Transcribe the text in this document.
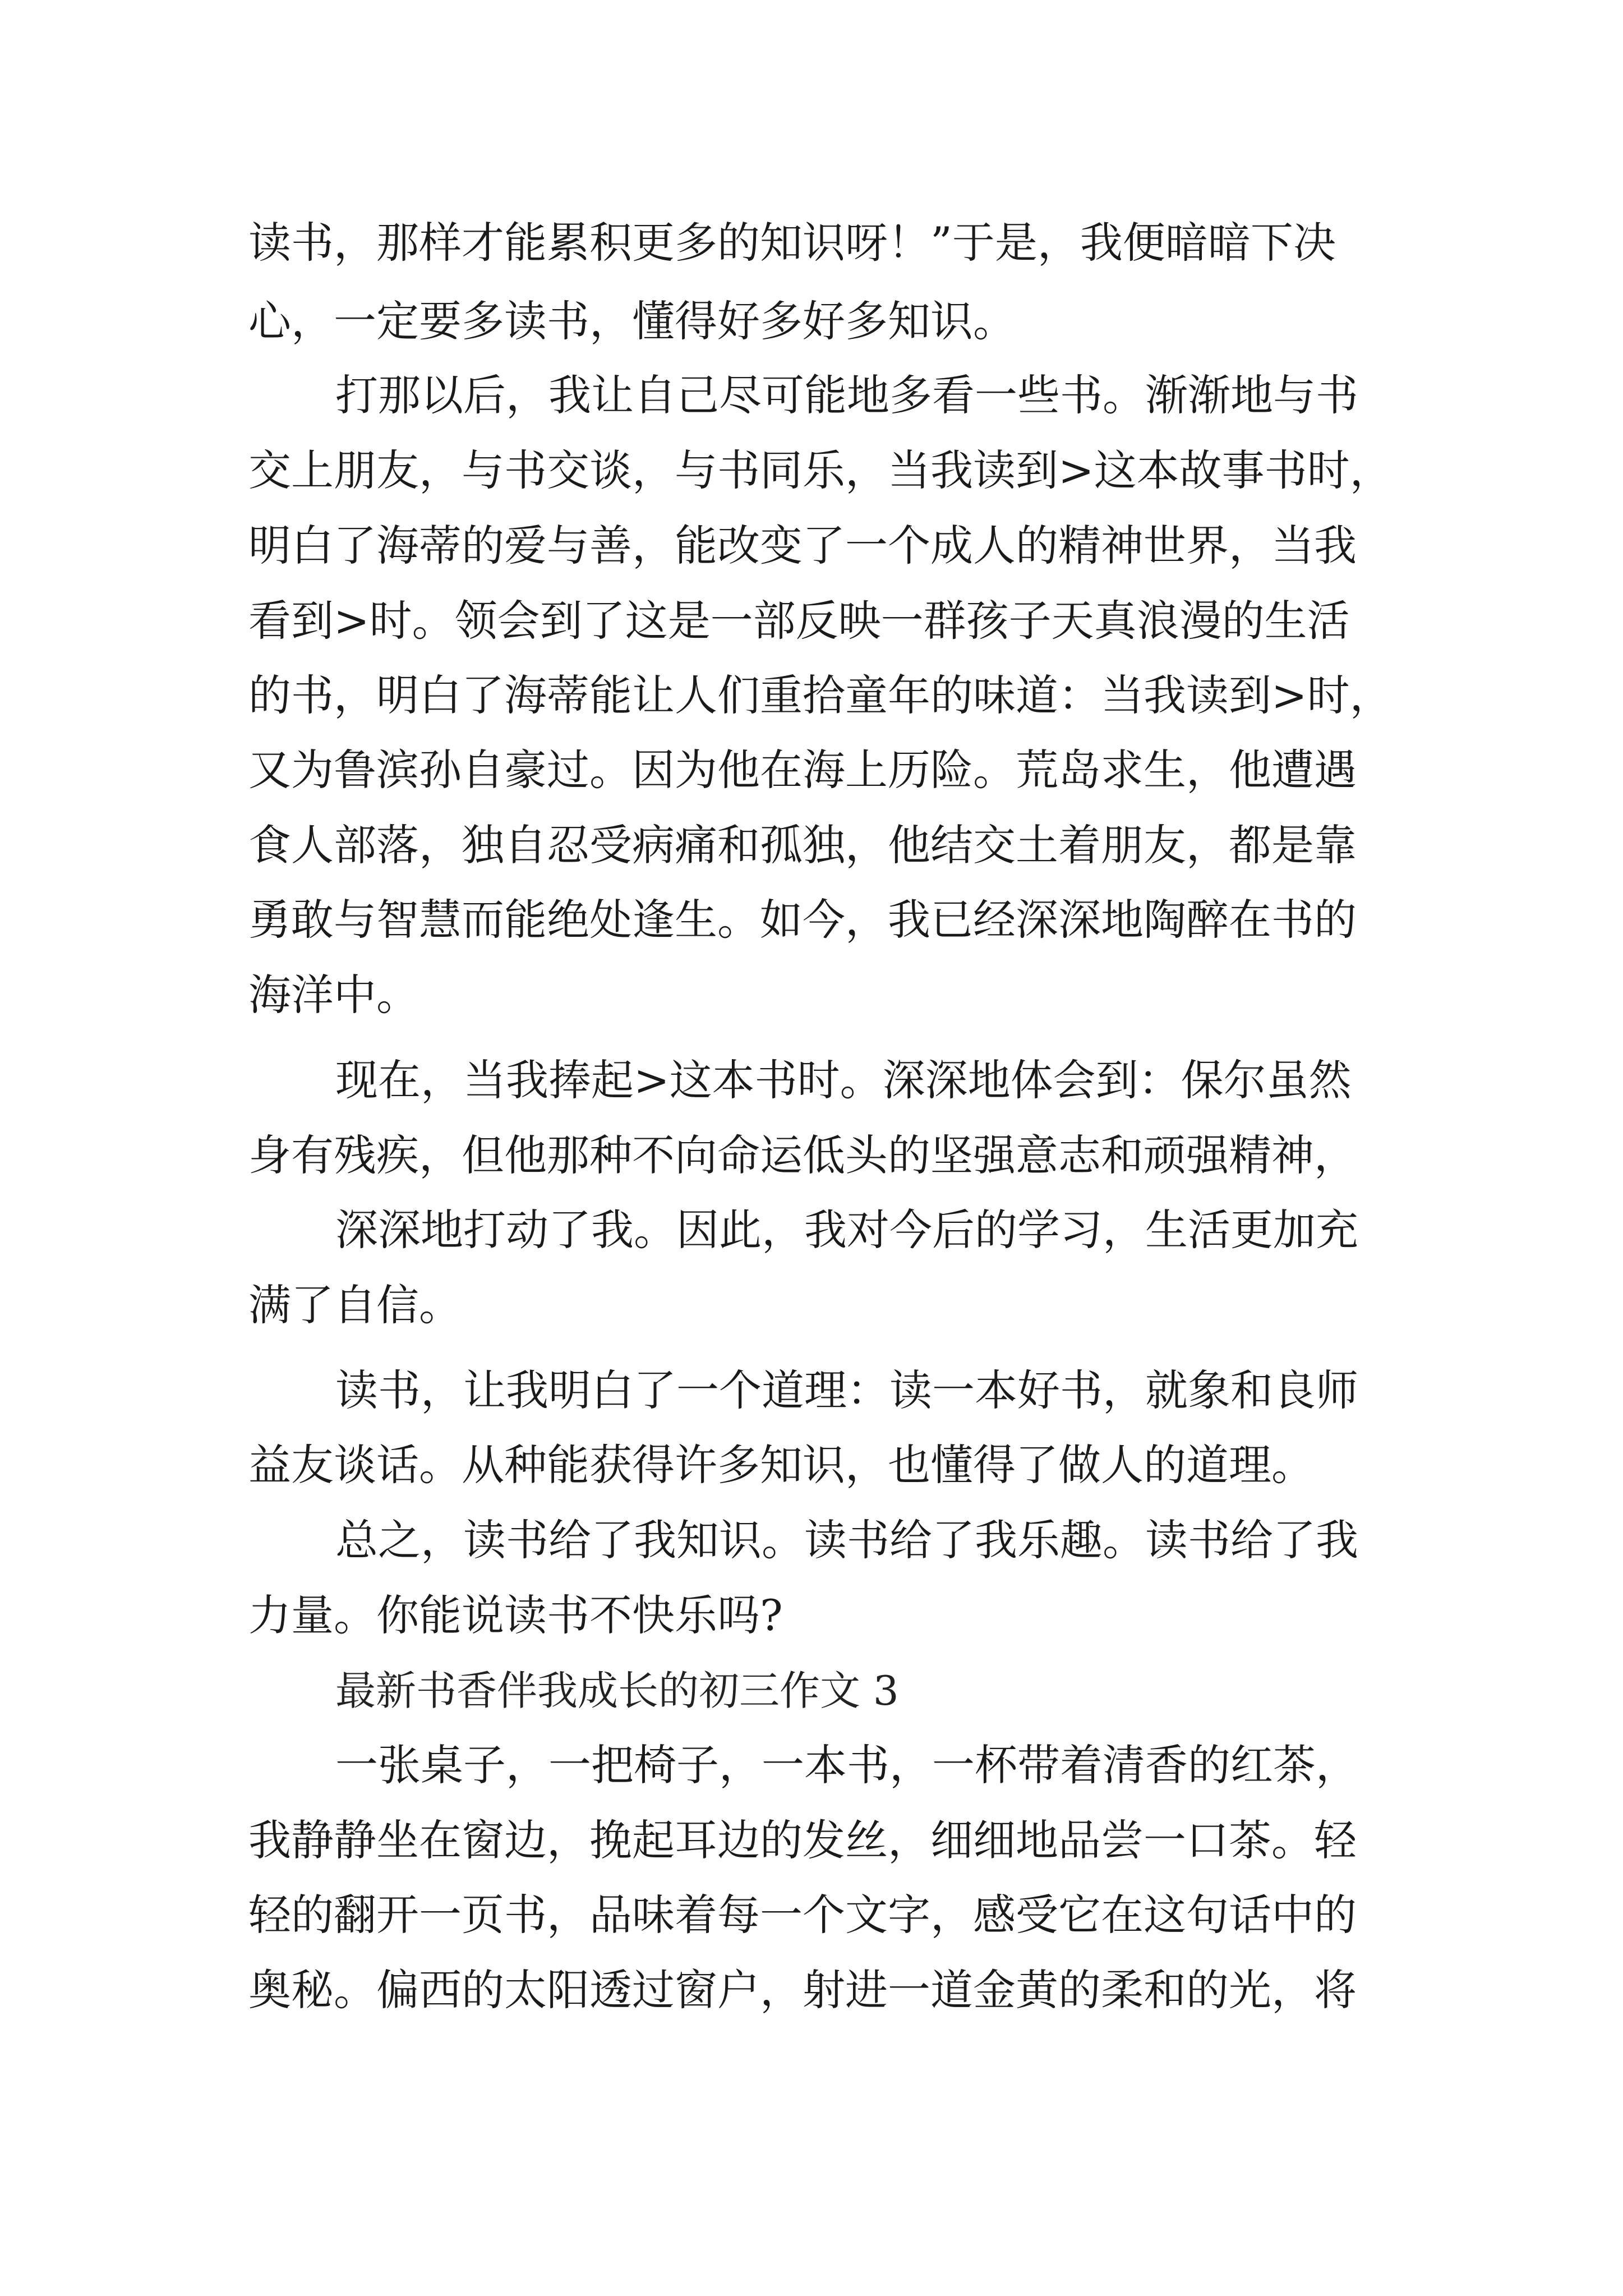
读书，那样才能累积更多的知识呀！”于是，我便暗暗下决
心，一定要多读书，懂得好多好多知识。
打那以后，我让自己尽可能地多看一些书。渐渐地与书
交上朋友，与书交谈，与书同乐，当我读到>这本故事书时，
明白了海蒂的爱与善，能改变了一个成人的精神世界，当我
看到>时。领会到了这是一部反映一群孩子天真浪漫的生活
的书，明白了海蒂能让人们重拾童年的味道：当我读到>时，
又为鲁滨孙自豪过。因为他在海上历险。荒岛求生，他遭遇
食人部落，独自忍受病痛和孤独，他结交土着朋友，都是靠
勇敢与智慧而能绝处逢生。如今，我已经深深地陶醉在书的
海洋中。
现在，当我捧起>这本书时。深深地体会到：保尔虽然
身有残疾，但他那种不向命运低头的坚强意志和顽强精神，
深深地打动了我。因此，我对今后的学习，生活更加充
满了自信。
读书，让我明白了一个道理：读一本好书，就象和良师
益友谈话。从种能获得许多知识，也懂得了做人的道理。
总之，读书给了我知识。读书给了我乐趣。读书给了我
力量。你能说读书不快乐吗?
最新书香伴我成长的初三作文 3
一张桌子，一把椅子，一本书，一杯带着清香的红茶，
我静静坐在窗边，挽起耳边的发丝，细细地品尝一口茶。轻
轻的翻开一页书，品味着每一个文字，感受它在这句话中的
奥秘。偏西的太阳透过窗户，射进一道金黄的柔和的光，将
